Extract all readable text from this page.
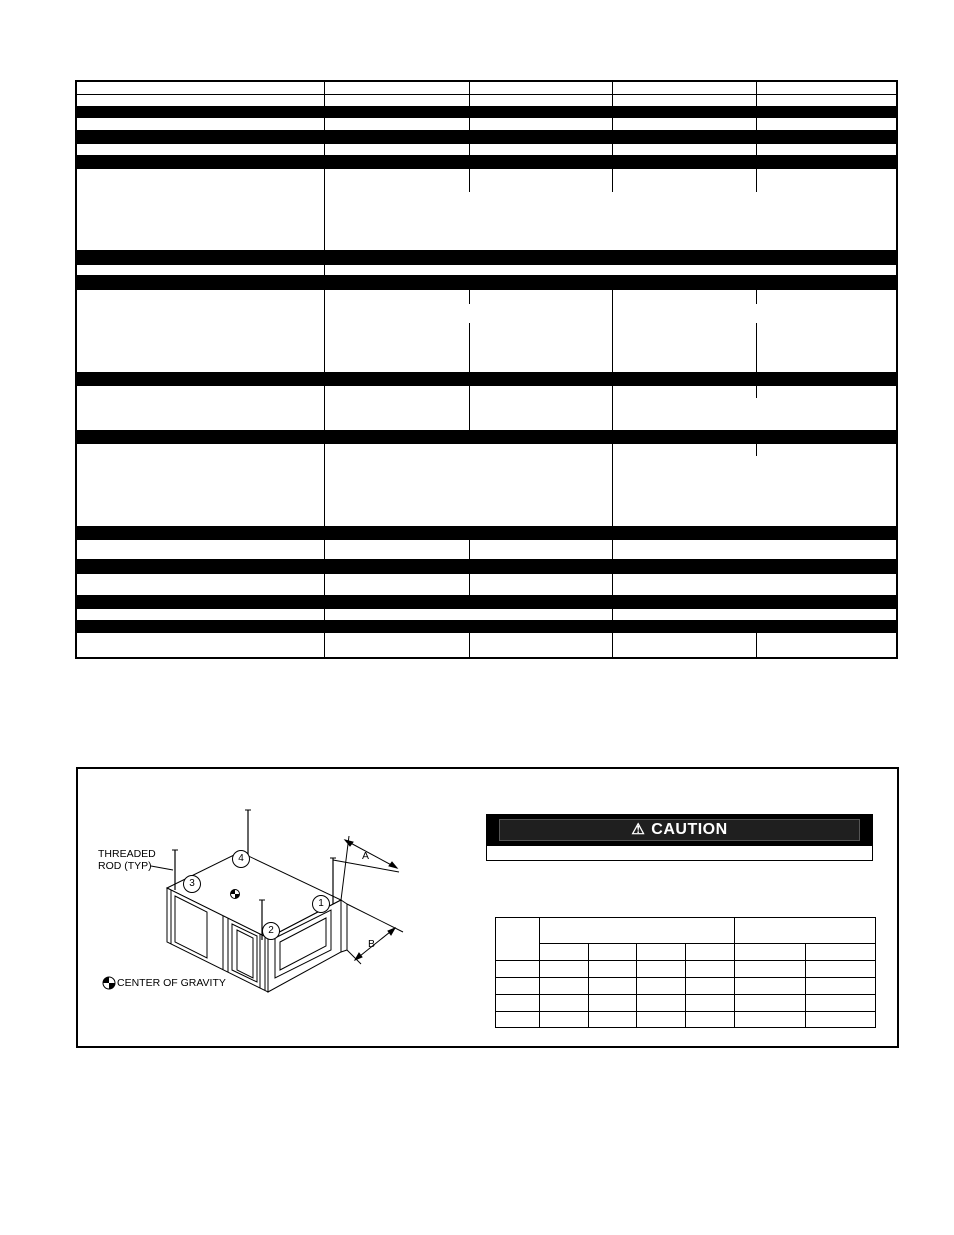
THREADED
ROD (TYP)
CENTER OF GRAVITY
A
B
1
2
3
4
⚠ CAUTION
